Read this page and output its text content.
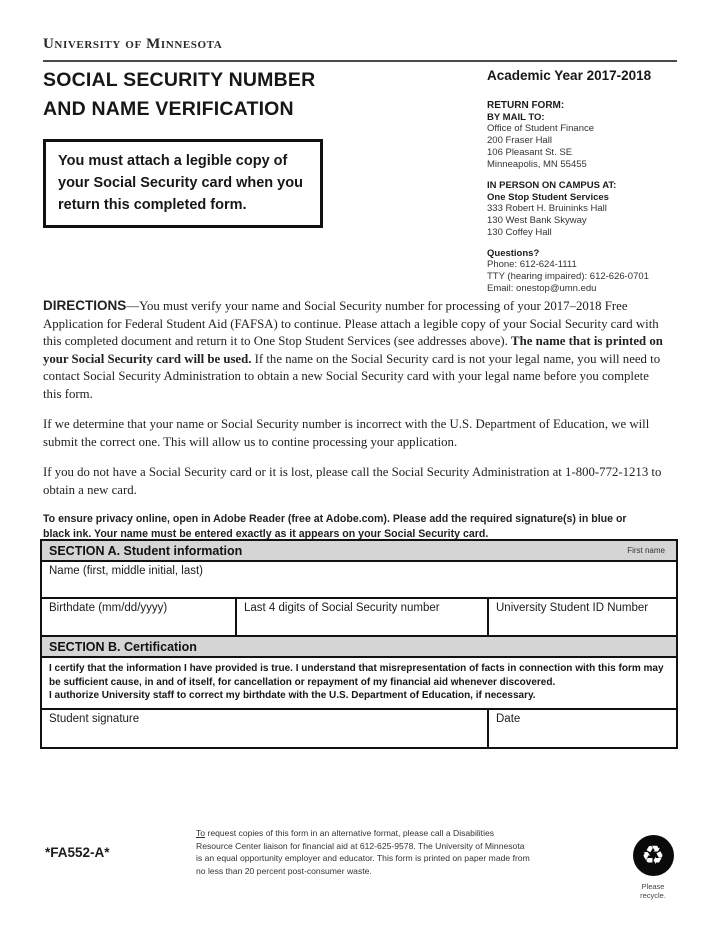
University of Minnesota
SOCIAL SECURITY NUMBER
AND NAME VERIFICATION
Academic Year 2017-2018
RETURN FORM:
BY MAIL TO:
Office of Student Finance
200 Fraser Hall
106 Pleasant St. SE
Minneapolis, MN 55455
IN PERSON ON CAMPUS AT:
One Stop Student Services
333 Robert H. Bruininks Hall
130 West Bank Skyway
130 Coffey Hall
Questions?
Phone: 612-624-1111
TTY (hearing impaired): 612-626-0701
Email: onestop@umn.edu
You must attach a legible copy of your Social Security card when you return this completed form.

DIRECTIONS—You must verify your name and Social Security number for processing of your 2017–2018 Free Application for Federal Student Aid (FAFSA) to continue. Please attach a legible copy of your Social Security card with this completed document and return it to One Stop Student Services (see addresses above). The name that is printed on your Social Security card will be used. If the name on the Social Security card is not your legal name, you will need to contact Social Security Administration to obtain a new Social Security card with your legal name before you complete this form.

If we determine that your name or Social Security number is incorrect with the U.S. Department of Education, we will submit the correct one. This will allow us to contine processing your application.

If you do not have a Social Security card or it is lost, please call the Social Security Administration at 1-800-772-1213 to obtain a new card.

To ensure privacy online, open in Adobe Reader (free at Adobe.com). Please add the required signature(s) in blue or black ink. Your name must be entered exactly as it appears on your Social Security card.

SECTION A. Student information	First name
Name (first, middle initial, last)
Birthdate (mm/dd/yyyy)	Last 4 digits of Social Security number	University Student ID Number
SECTION B. Certification

I certify that the information I have provided is true. I understand that misrepresentation of facts in connection with this form may be sufficient cause, in and of itself, for cancellation or repayment of my financial aid whenever discovered.

I authorize University staff to correct my birthdate with the U.S. Department of Education, if necessary.

Student signature	Date
*FA552-A*

To request copies of this form in an alternative format, please call a Disabilities Resource Center liaison for financial aid at 612-625-9578. The University of Minnesota is an equal opportunity employer and educator. This form is printed on paper made from no less than 20 percent post-consumer waste.

♻
Please recycle.
